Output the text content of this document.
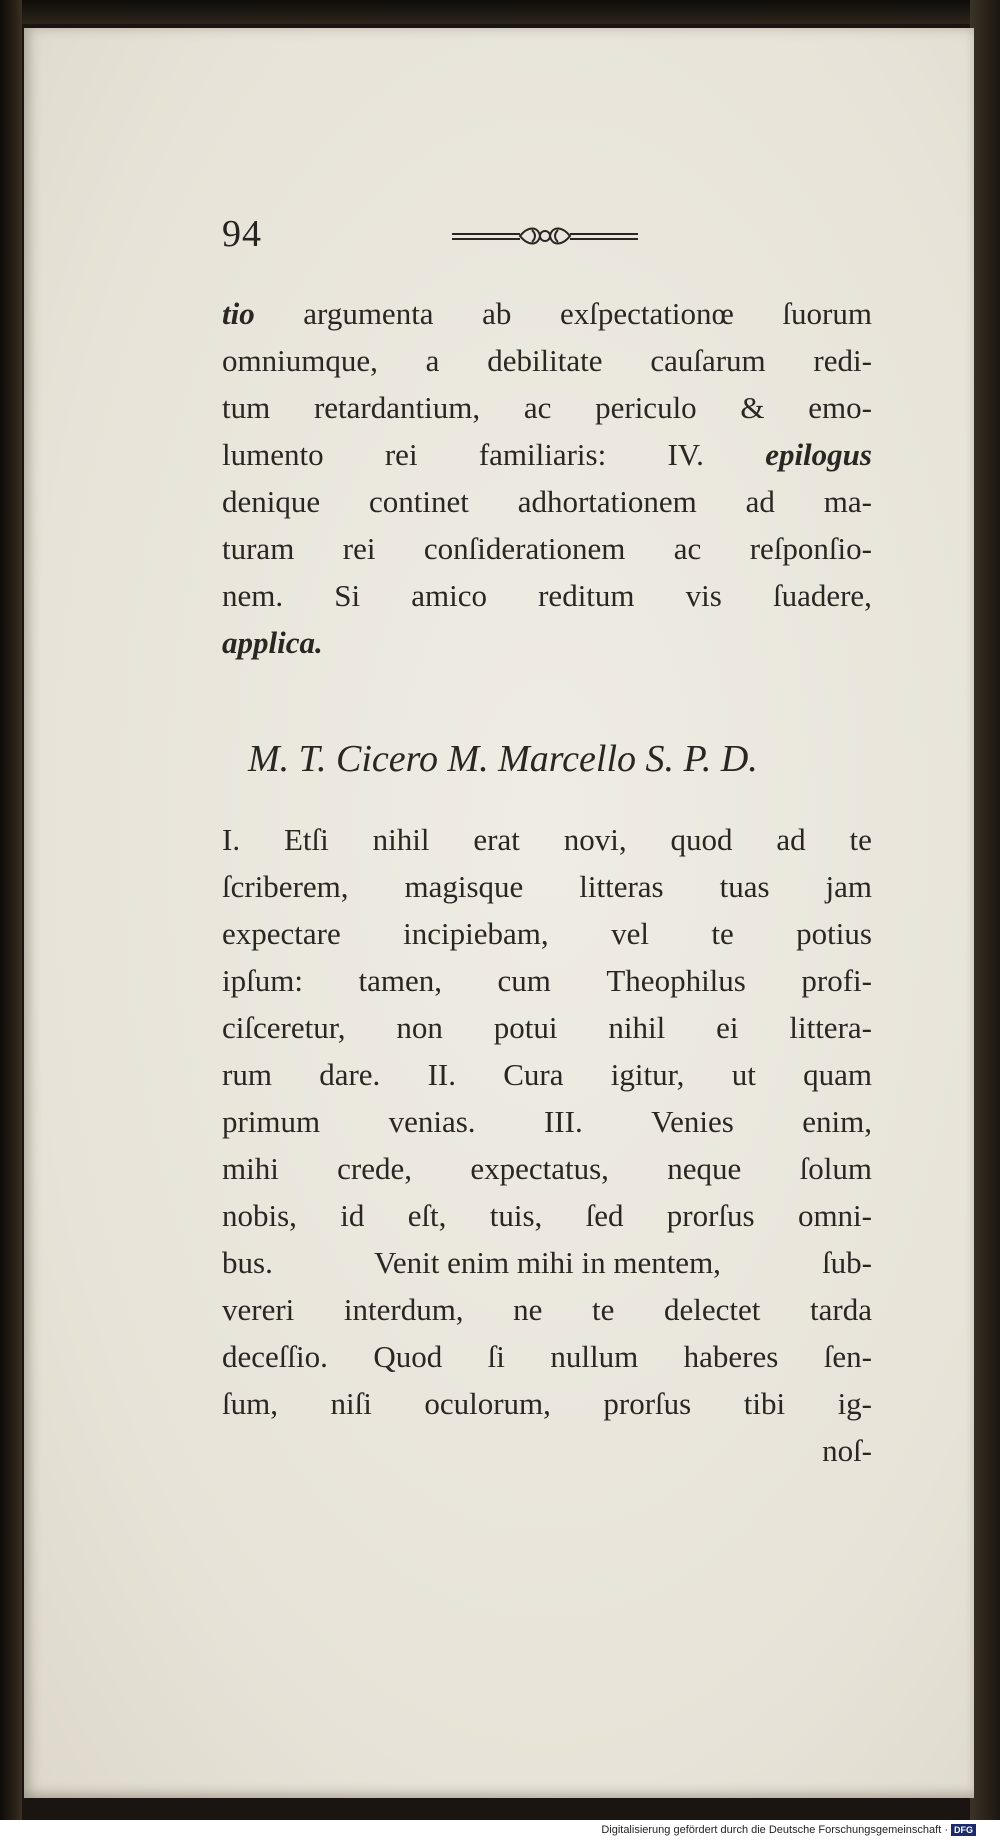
94
tio argumenta ab exſpectationœ ſuorum
omniumque, a debilitate cauſarum redi-
tum retardantium, ac periculo & emo-
lumento rei familiaris: IV. epilogus
denique continet adhortationem ad ma-
turam rei conſiderationem ac reſponſio-
nem. Si amico reditum vis ſuadere,
applica.
M. T. Cicero M. Marcello S. P. D.
I. Etſi nihil erat novi, quod ad te
ſcriberem, magisque litteras tuas jam
expectare incipiebam, vel te potius
ipſum: tamen, cum Theophilus profi-
ciſceretur, non potui nihil ei littera-
rum dare. II. Cura igitur, ut quam
primum venias. III. Venies enim,
mihi crede, expectatus, neque ſolum
nobis, id eſt, tuis, ſed prorſus omni-
bus.	Venit enim mihi in mentem,	ſub-
vereri interdum, ne te delectet tarda
deceſſio. Quod ſi nullum haberes ſen-
ſum, niſi oculorum, prorſus tibi ig-
noſ-
Digitalisierung gefördert durch die Deutsche Forschungsgemeinschaft · DFG
